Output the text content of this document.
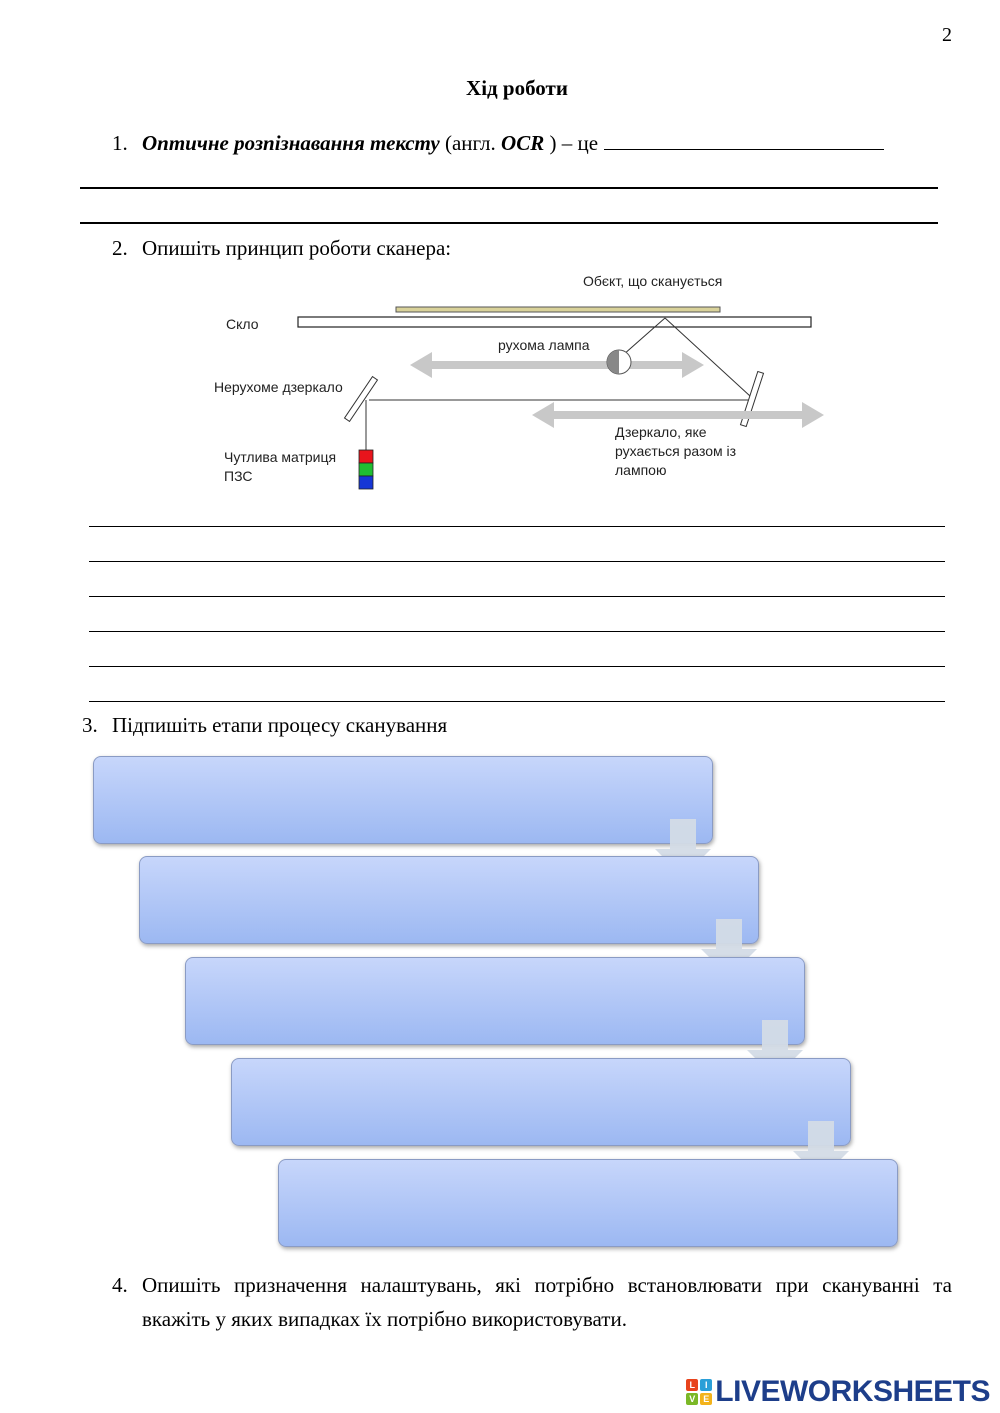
2
Хід роботи
1. Оптичне розпізнавання тексту (англ. OCR ) – це
2. Опишіть принцип роботи сканера:
Обєкт, що сканується
Скло
рухома лампа
Нерухоме дзеркало
Дзеркало, яке
рухається разом із
лампою
Чутлива матриця
ПЗС
3. Підпишіть етапи процесу сканування
4. Опишіть призначення налаштувань, які потрібно встановлювати при скануванні та вкажіть у яких випадках їх потрібно використовувати.
L	I
V E LIVEWORKSHEETS
